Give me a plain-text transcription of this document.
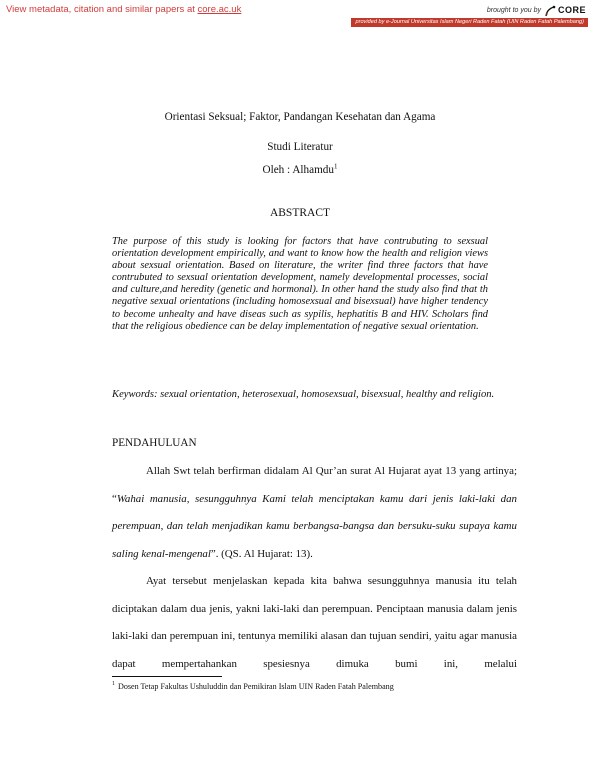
View metadata, citation and similar papers at core.ac.uk	brought to you by CORE
provided by e-Journal Universitas Islam Negeri Raden Fatah (UIN Raden Fatah Palembang)
Orientasi Seksual; Faktor, Pandangan Kesehatan dan Agama
Studi Literatur
Oleh : Alhamdu$^1$
ABSTRACT
The purpose of this study is looking for factors that have contrubuting to sexsual orientation development empirically, and want to know how the health and religion views about sexsual orientation. Based on literature, the writer find three factors that have contrubuted to sexsual orientation development, namely developmental processes, social and culture,and heredity (genetic and hormonal). In other hand the study also find that th negative sexual orientations (including homosexsual and bisexsual) have higher tendency to become unhealty and have diseas such as sypilis, hephatitis B and HIV. Scholars find that the religious obedience can be delay implementation of negative sexual orientation.
Keywords: sexual orientation, heterosexual, homosexsual, bisexsual, healthy and religion.
PENDAHULUAN
Allah Swt telah berfirman didalam Al Qur’an surat Al Hujarat ayat 13 yang artinya; “Wahai manusia, sesungguhnya Kami telah menciptakan kamu dari jenis laki-laki dan perempuan, dan telah menjadikan kamu berbangsa-bangsa dan bersuku-suku supaya kamu saling kenal-mengenal”. (QS. Al Hujarat: 13).
Ayat tersebut menjelaskan kepada kita bahwa sesungguhnya manusia itu telah diciptakan dalam dua jenis, yakni laki-laki dan perempuan. Penciptaan manusia dalam jenis laki-laki dan perempuan ini, tentunya memiliki alasan dan tujuan sendiri, yaitu agar manusia dapat mempertahankan spesiesnya dimuka bumi ini, melalui
$^1$ Dosen Tetap Fakultas Ushuluddin dan Pemikiran Islam UIN Raden Fatah Palembang
